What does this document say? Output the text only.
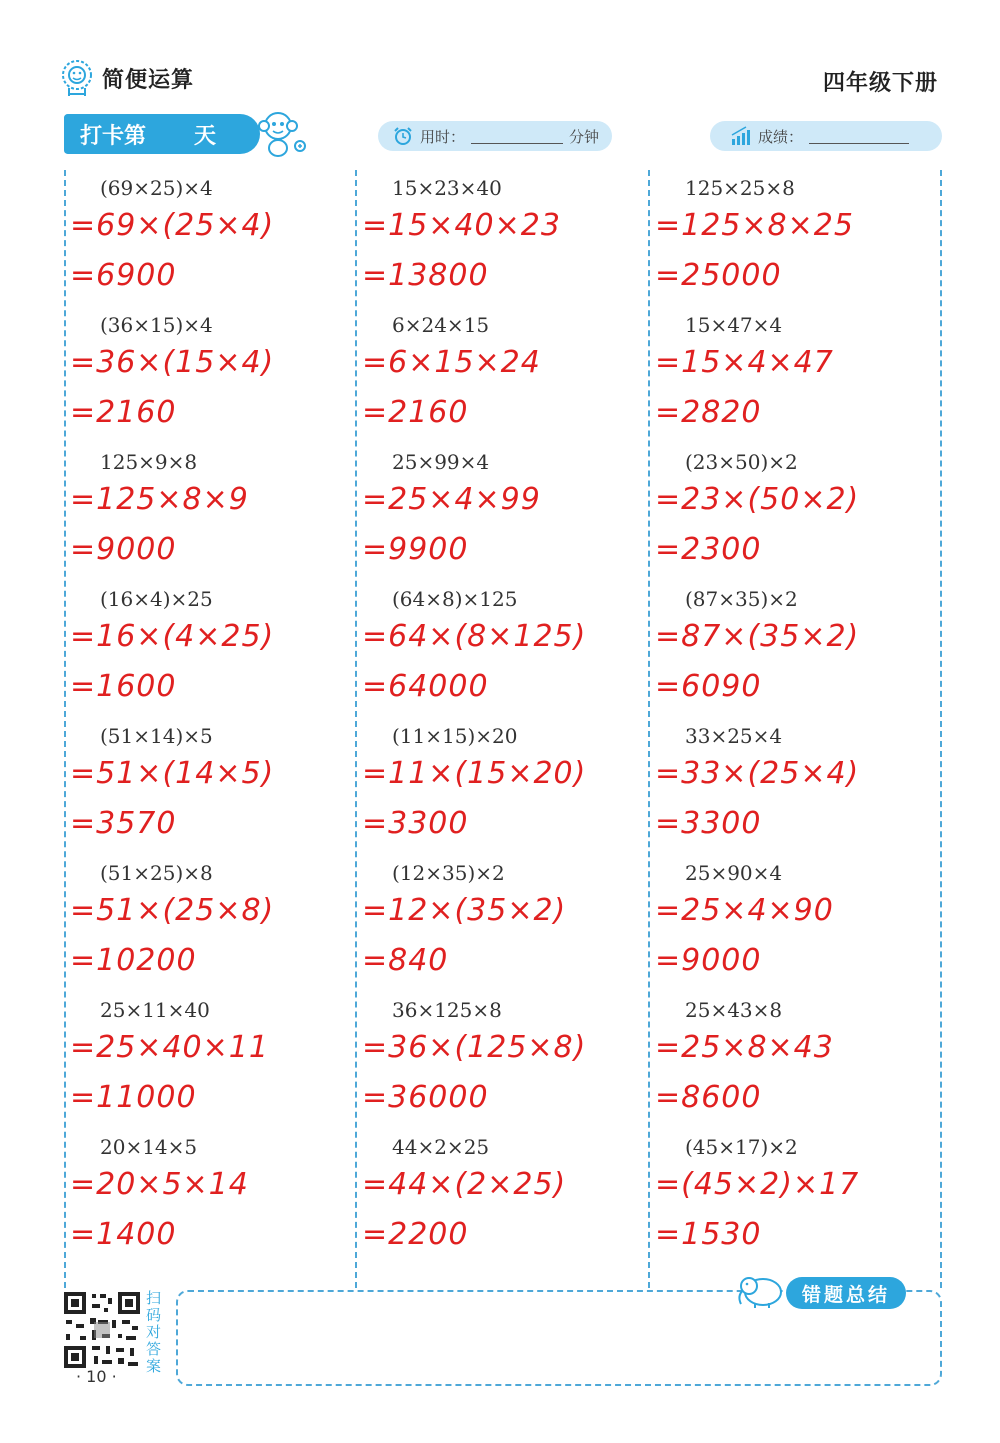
简便运算	四年级下册
打卡第 天	用时：	分钟	成绩：
(69×25)×4
=69×(25×4)
=6900
(36×15)×4
=36×(15×4)
=2160
125×9×8
=125×8×9
=9000
(16×4)×25
=16×(4×25)
=1600
(51×14)×5
=51×(14×5)
=3570
(51×25)×8
=51×(25×8)
=10200
25×11×40
=25×40×11
=11000
20×14×5
=20×5×14
=1400
15×23×40
=15×40×23
=13800
6×24×15
=6×15×24
=2160
25×99×4
=25×4×99
=9900
(64×8)×125
=64×(8×125)
=64000
(11×15)×20
=11×(15×20)
=3300
(12×35)×2
=12×(35×2)
=840
36×125×8
=36×(125×8)
=36000
44×2×25
=44×(2×25)
=2200
125×25×8
=125×8×25
=25000
15×47×4
=15×4×47
=2820
(23×50)×2
=23×(50×2)
=2300
(87×35)×2
=87×(35×2)
=6090
33×25×4
=33×(25×4)
=3300
25×90×4
=25×4×90
=9000
25×43×8
=25×8×43
=8600
(45×17)×2
=(45×2)×17
=1530
扫码对答案
· 10 ·
错题总结
